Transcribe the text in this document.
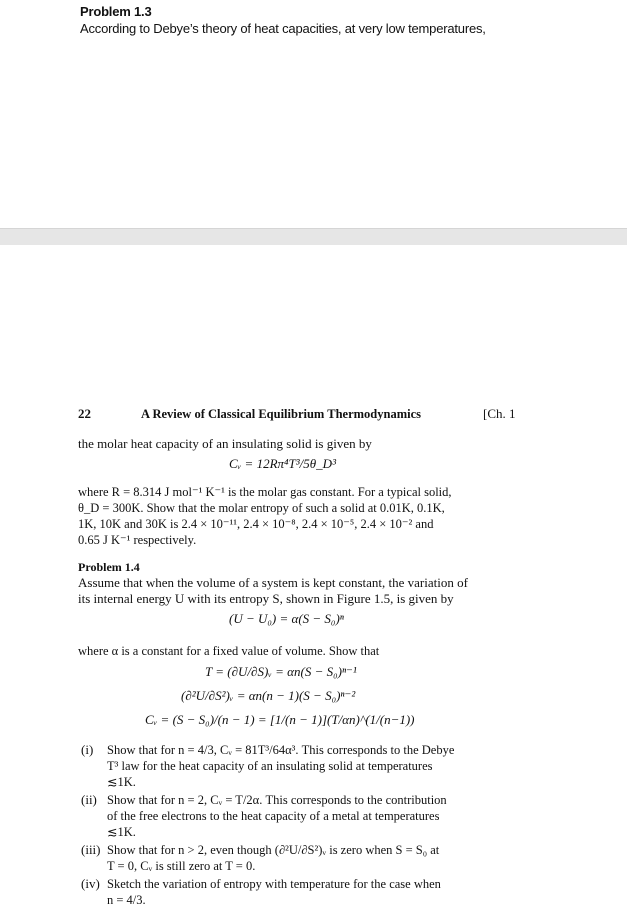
Problem 1.3
According to Debye’s theory of heat capacities, at very low temperatures,
22	A Review of Classical Equilibrium Thermodynamics	[Ch. 1
the molar heat capacity of an insulating solid is given by
Cᵥ = 12Rπ⁴T³/5θ_D³
where R = 8.314 J mol⁻¹ K⁻¹ is the molar gas constant. For a typical solid,
θ_D = 300K. Show that the molar entropy of such a solid at 0.01K, 0.1K,
1K, 10K and 30K is 2.4 × 10⁻¹¹, 2.4 × 10⁻⁸, 2.4 × 10⁻⁵, 2.4 × 10⁻² and
0.65 J K⁻¹ respectively.
Problem 1.4
Assume that when the volume of a system is kept constant, the variation of
its internal energy U with its entropy S, shown in Figure 1.5, is given by
(U − U₀) = α(S − S₀)ⁿ
where α is a constant for a fixed value of volume. Show that
T = (∂U/∂S)ᵥ = αn(S − S₀)ⁿ⁻¹
(∂²U/∂S²)ᵥ = αn(n − 1)(S − S₀)ⁿ⁻²
Cᵥ = (S − S₀)/(n − 1) = [1/(n − 1)](T/αn)^(1/(n−1))
(i) Show that for n = 4/3, Cᵥ = 81T³/64α³. This corresponds to the Debye
T³ law for the heat capacity of an insulating solid at temperatures
≲1K.
(ii) Show that for n = 2, Cᵥ = T/2α. This corresponds to the contribution
of the free electrons to the heat capacity of a metal at temperatures
≲1K.
(iii) Show that for n > 2, even though (∂²U/∂S²)ᵥ is zero when S = S₀ at
T = 0, Cᵥ is still zero at T = 0.
(iv) Sketch the variation of entropy with temperature for the case when
n = 4/3.
